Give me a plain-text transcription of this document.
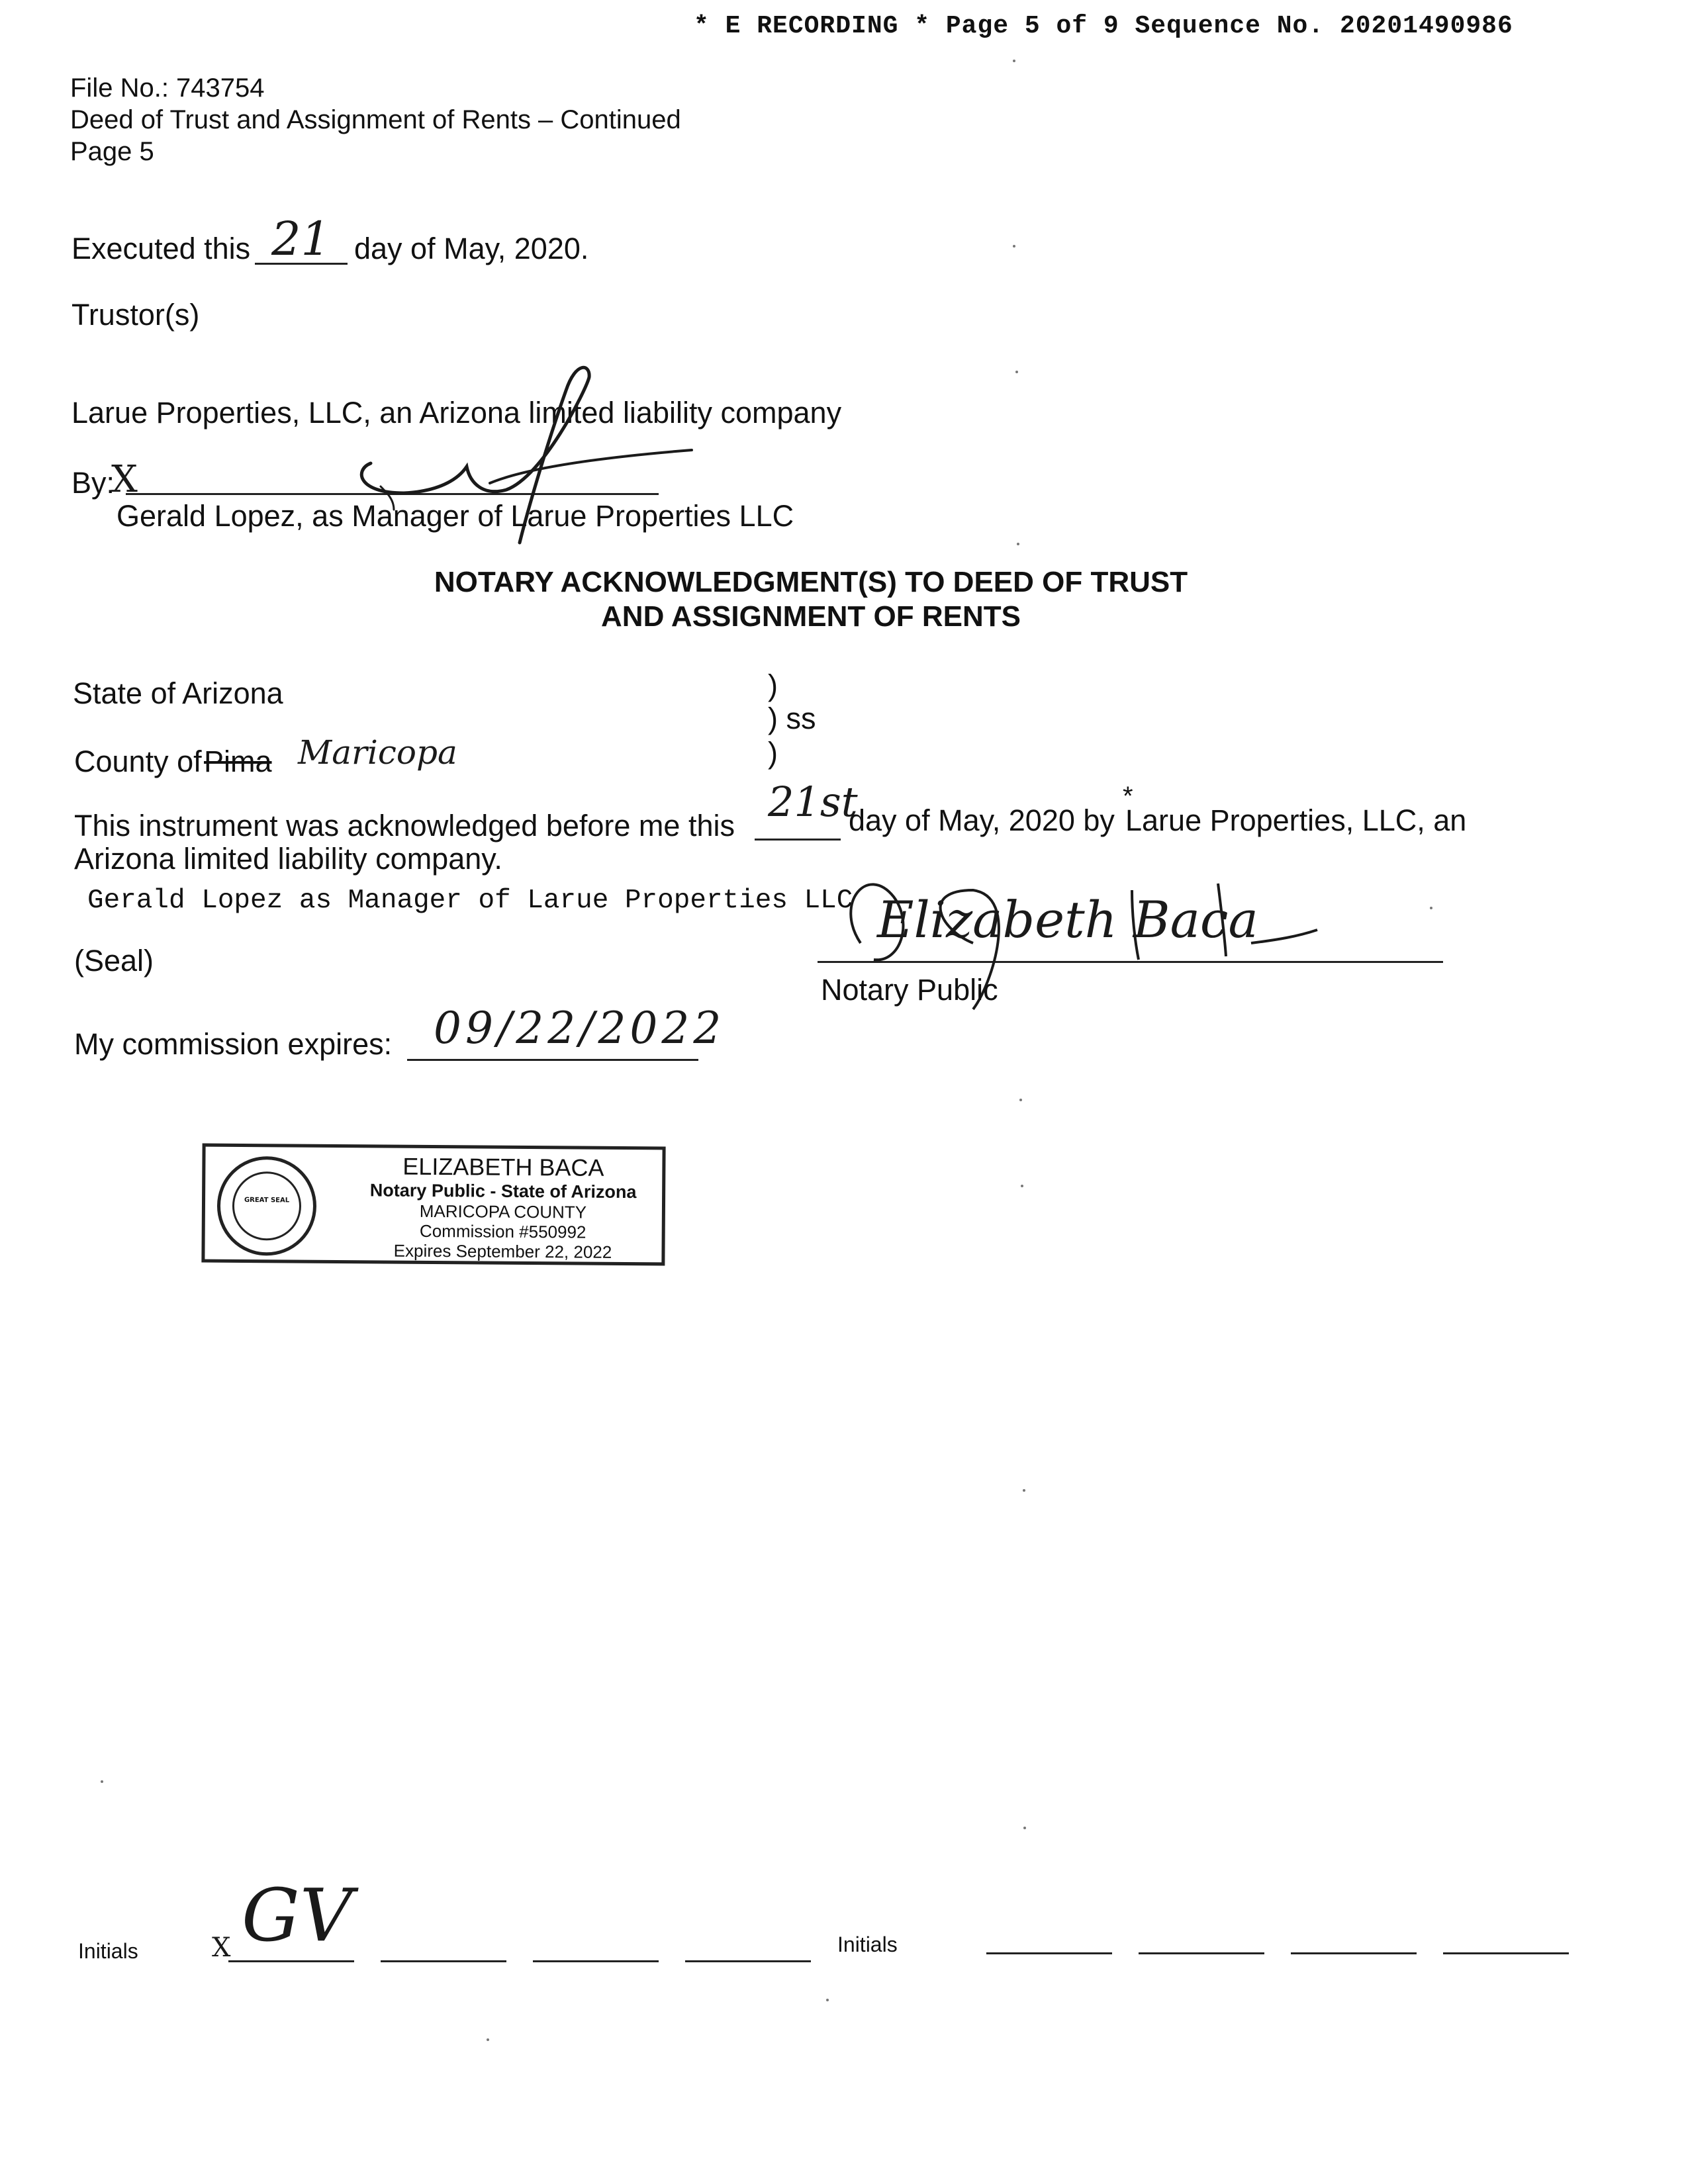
* E RECORDING * Page 5 of 9 Sequence No. 20201490986
File No.: 743754
Deed of Trust and Assignment of Rents – Continued
Page 5
Executed this 21 day of May, 2020.
Trustor(s)
Larue Properties, LLC, an Arizona limited liability company
By:
X
Gerald Lopez, as Manager of Larue Properties LLC
NOTARY ACKNOWLEDGMENT(S) TO DEED OF TRUST
AND ASSIGNMENT OF RENTS
State of Arizona	)
) ss
)
County of Pima Maricopa
This instrument was acknowledged before me this 21st
day of May, 2020 by
*
Larue Properties, LLC, an
Arizona limited liability company.
Gerald Lopez as Manager of Larue Properties LLC
(Seal)
Elizabeth Baca
Notary Public
My commission expires: 09/22/2022
GREAT SEAL
ELIZABETH BACA
Notary Public - State of Arizona
MARICOPA COUNTY
Commission #550992
Expires September 22, 2022
Initials	X GV	Initials
